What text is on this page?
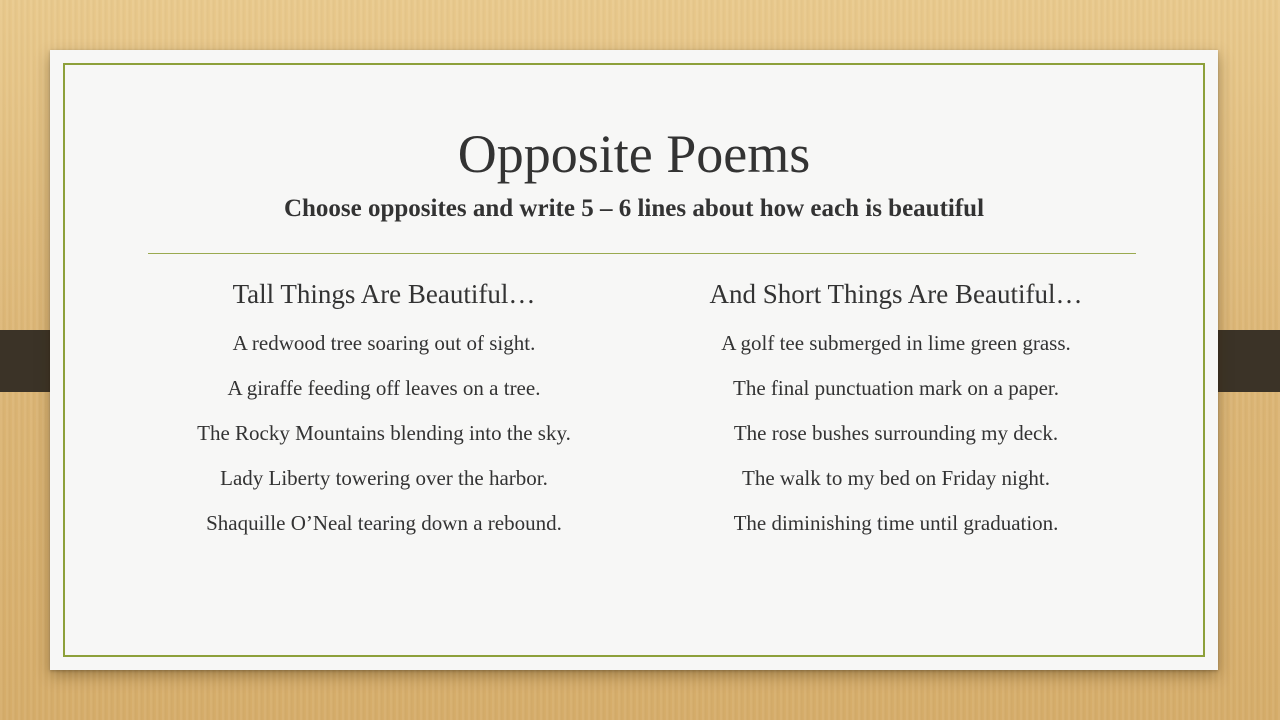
Opposite Poems
Choose opposites and write 5 – 6 lines about how each is beautiful
Tall Things Are Beautiful…
A redwood tree soaring out of sight.
A giraffe feeding off leaves on a tree.
The Rocky Mountains blending into the sky.
Lady Liberty towering over the harbor.
Shaquille O’Neal tearing down a rebound.
And Short Things Are Beautiful…
A golf tee submerged in lime green grass.
The final punctuation mark on a paper.
The rose bushes surrounding my deck.
The walk to my bed on Friday night.
The diminishing time until graduation.
